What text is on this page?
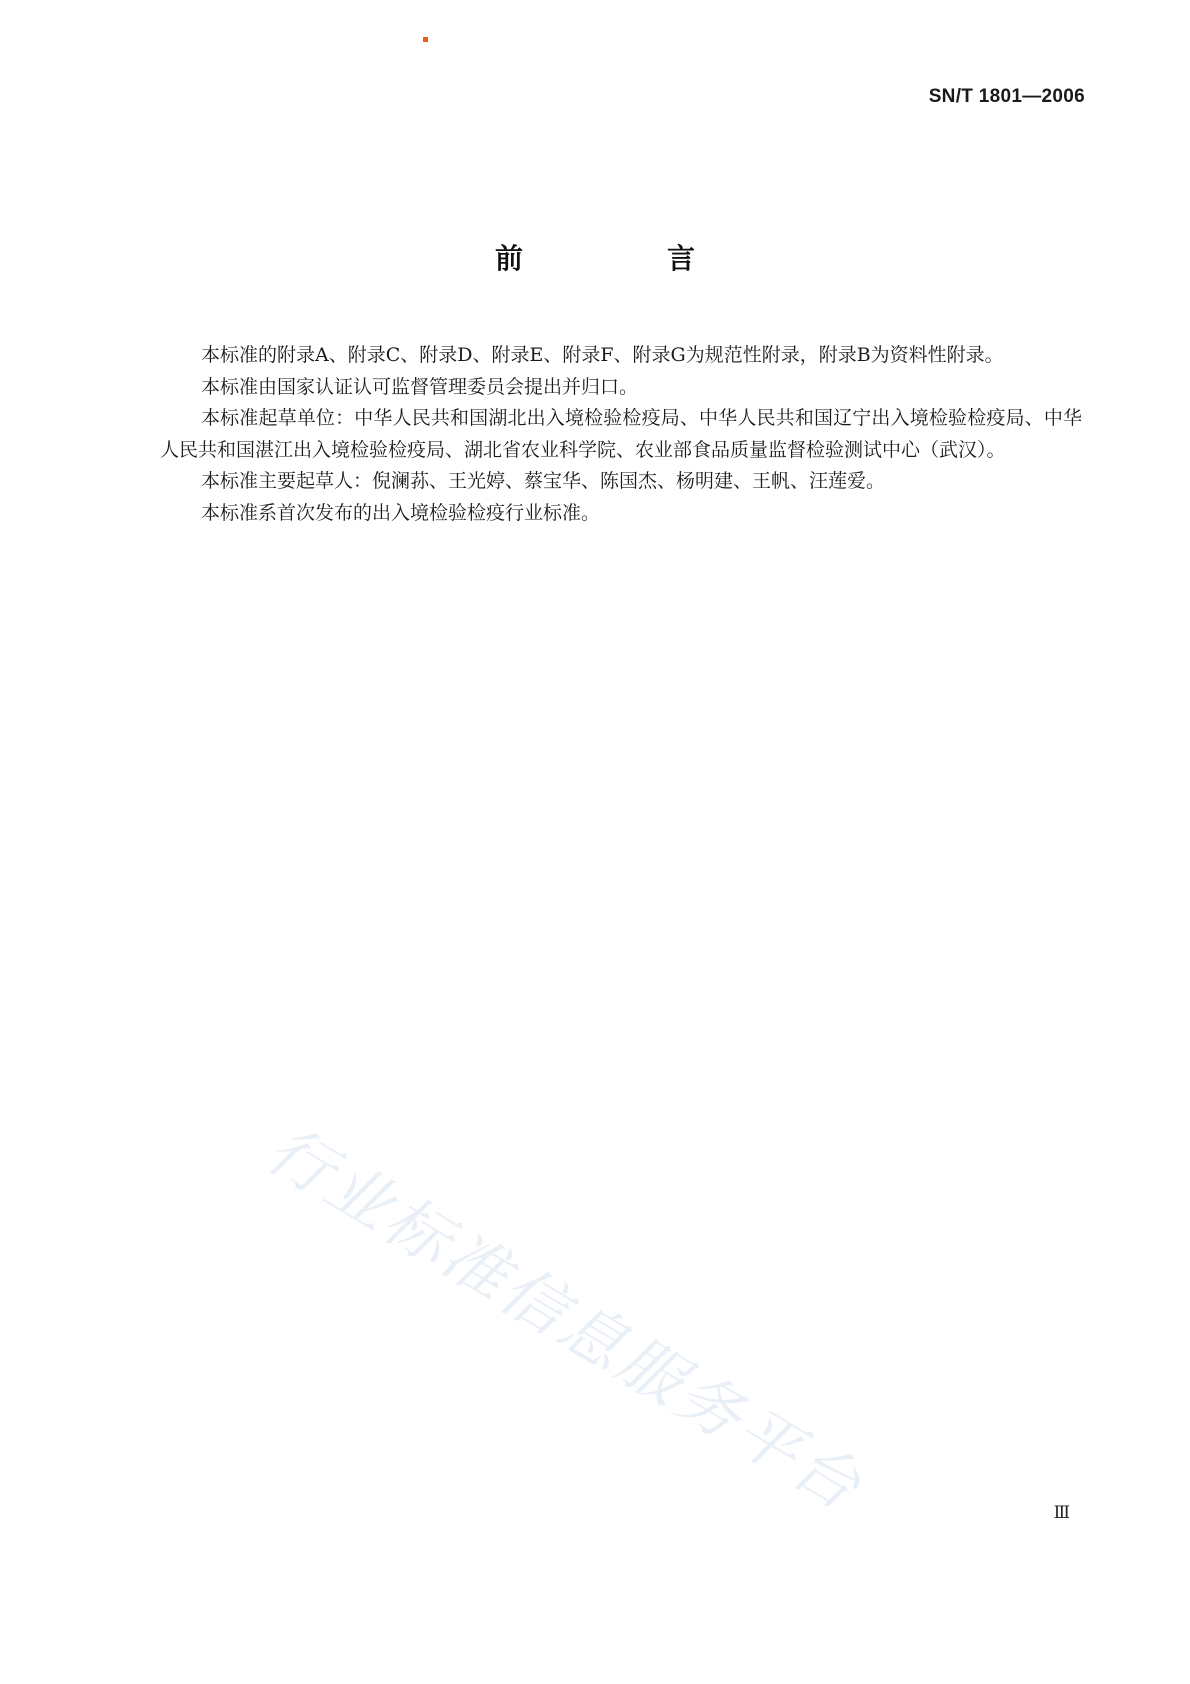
SN/T 1801—2006
前　言

本标准的附录A、附录C、附录D、附录E、附录F、附录G为规范性附录，附录B为资料性附录。

本标准由国家认证认可监督管理委员会提出并归口。

本标准起草单位：中华人民共和国湖北出入境检验检疫局、中华人民共和国辽宁出入境检验检疫局、中华人民共和国湛江出入境检验检疫局、湖北省农业科学院、农业部食品质量监督检验测试中心（武汉）。

本标准主要起草人：倪澜荪、王光婷、蔡宝华、陈国杰、杨明建、王帆、汪莲爱。

本标准系首次发布的出入境检验检疫行业标准。

行业标准信息服务平台	Ⅲ
